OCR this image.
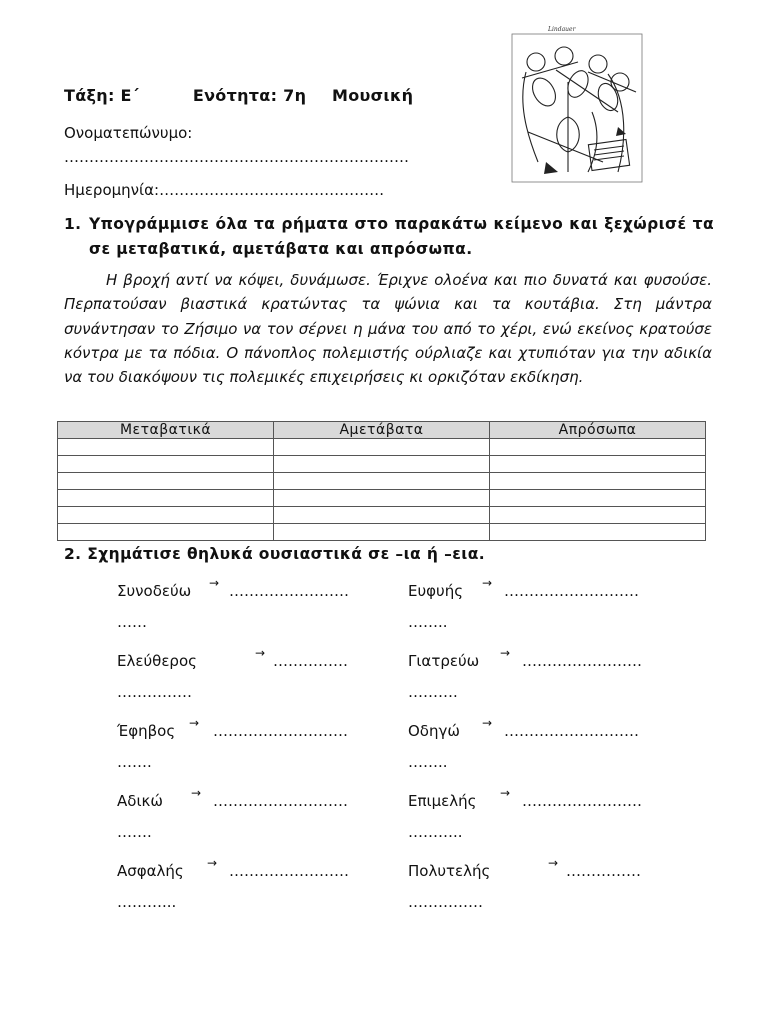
Τάξη: Ε΄	Ενότητα: 7η Μουσική
Lindauer
Ονοματεπώνυμο:
……………………………………………………………
Ημερομηνία:………………………………………
1. Υπογράμμισε όλα τα ρήματα στο παρακάτω κείμενο και ξεχώρισέ τα σε μεταβατικά, αμετάβατα και απρόσωπα.
Η βροχή αντί να κόψει, δυνάμωσε. Έριχνε ολοένα και πιο δυνατά και φυσούσε. Περπατούσαν βιαστικά κρατώντας τα ψώνια και τα κουτάβια. Στη μάντρα συνάντησαν το Ζήσιμο να τον σέρνει η μάνα του από το χέρι, ενώ εκείνος κρατούσε κόντρα με τα πόδια. Ο πάνοπλος πολεμιστής ούρλιαζε και χτυπιόταν για την αδικία να του διακόψουν τις πολεμικές επιχειρήσεις κι ορκιζόταν εκδίκηση.
Μεταβατικά	Αμετάβατα	Απρόσωπα

2. Σχημάτισε θηλυκά ουσιαστικά σε –ια ή –εια.
Συνοδεύω → ……………………
……
Ελεύθερος	→ ……………
……………
Έφηβος → ………………………
…….
Αδικώ → ………………………
…….
Ασφαλής → ……………………
………...
Ευφυής → ………………………
……..
Γιατρεύω → ……………………
……….
Οδηγώ → ………………………
……..
Επιμελής → ……………………
………..
Πολυτελής	→ ……………
……………
